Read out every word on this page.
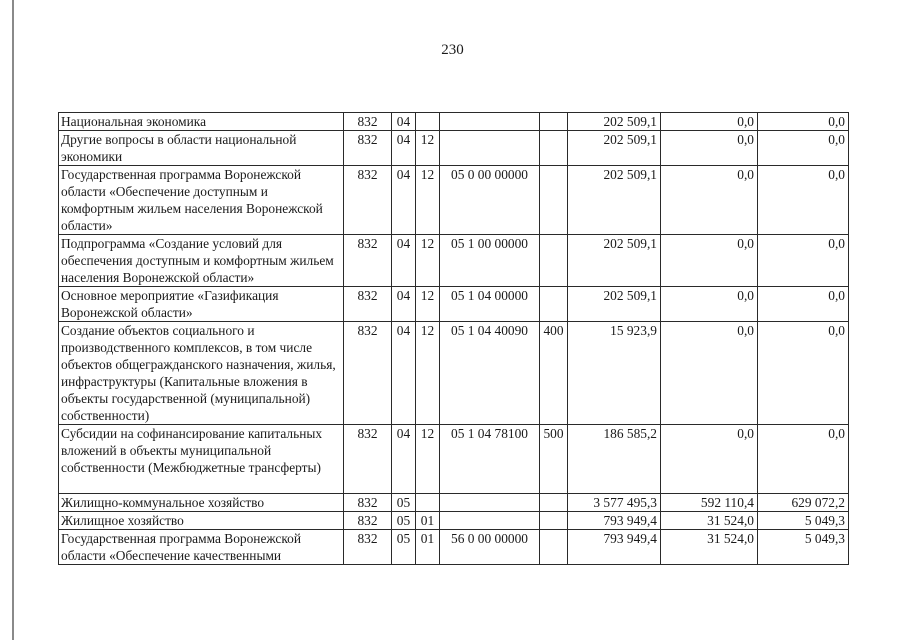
230
Национальная экономика	832	04				202 509,1	0,0	0,0
Другие вопросы в области национальной экономики	832	04	12			202 509,1	0,0	0,0
Государственная программа Воронежской области «Обеспечение доступным и комфортным жильем населения Воронежской области»	832	04	12	05 0 00 00000		202 509,1	0,0	0,0
Подпрограмма «Создание условий для обеспечения доступным и комфортным жильем населения Воронежской области»	832	04	12	05 1 00 00000		202 509,1	0,0	0,0
Основное мероприятие «Газификация Воронежской области»	832	04	12	05 1 04 00000		202 509,1	0,0	0,0
Создание объектов социального и производственного комплексов, в том числе объектов общегражданского назначения, жилья, инфраструктуры (Капитальные вложения в объекты государственной (муниципальной) собственности)	832	04	12	05 1 04 40090	400	15 923,9	0,0	0,0
Субсидии на софинансирование капитальных вложений в объекты муниципальной собственности (Межбюджетные трансферты)	832	04	12	05 1 04 78100	500	186 585,2	0,0	0,0
Жилищно-коммунальное хозяйство	832	05				3 577 495,3	592 110,4	629 072,2
Жилищное хозяйство	832	05	01			793 949,4	31 524,0	5 049,3
Государственная программа Воронежской области «Обеспечение качественными	832	05	01	56 0 00 00000		793 949,4	31 524,0	5 049,3
